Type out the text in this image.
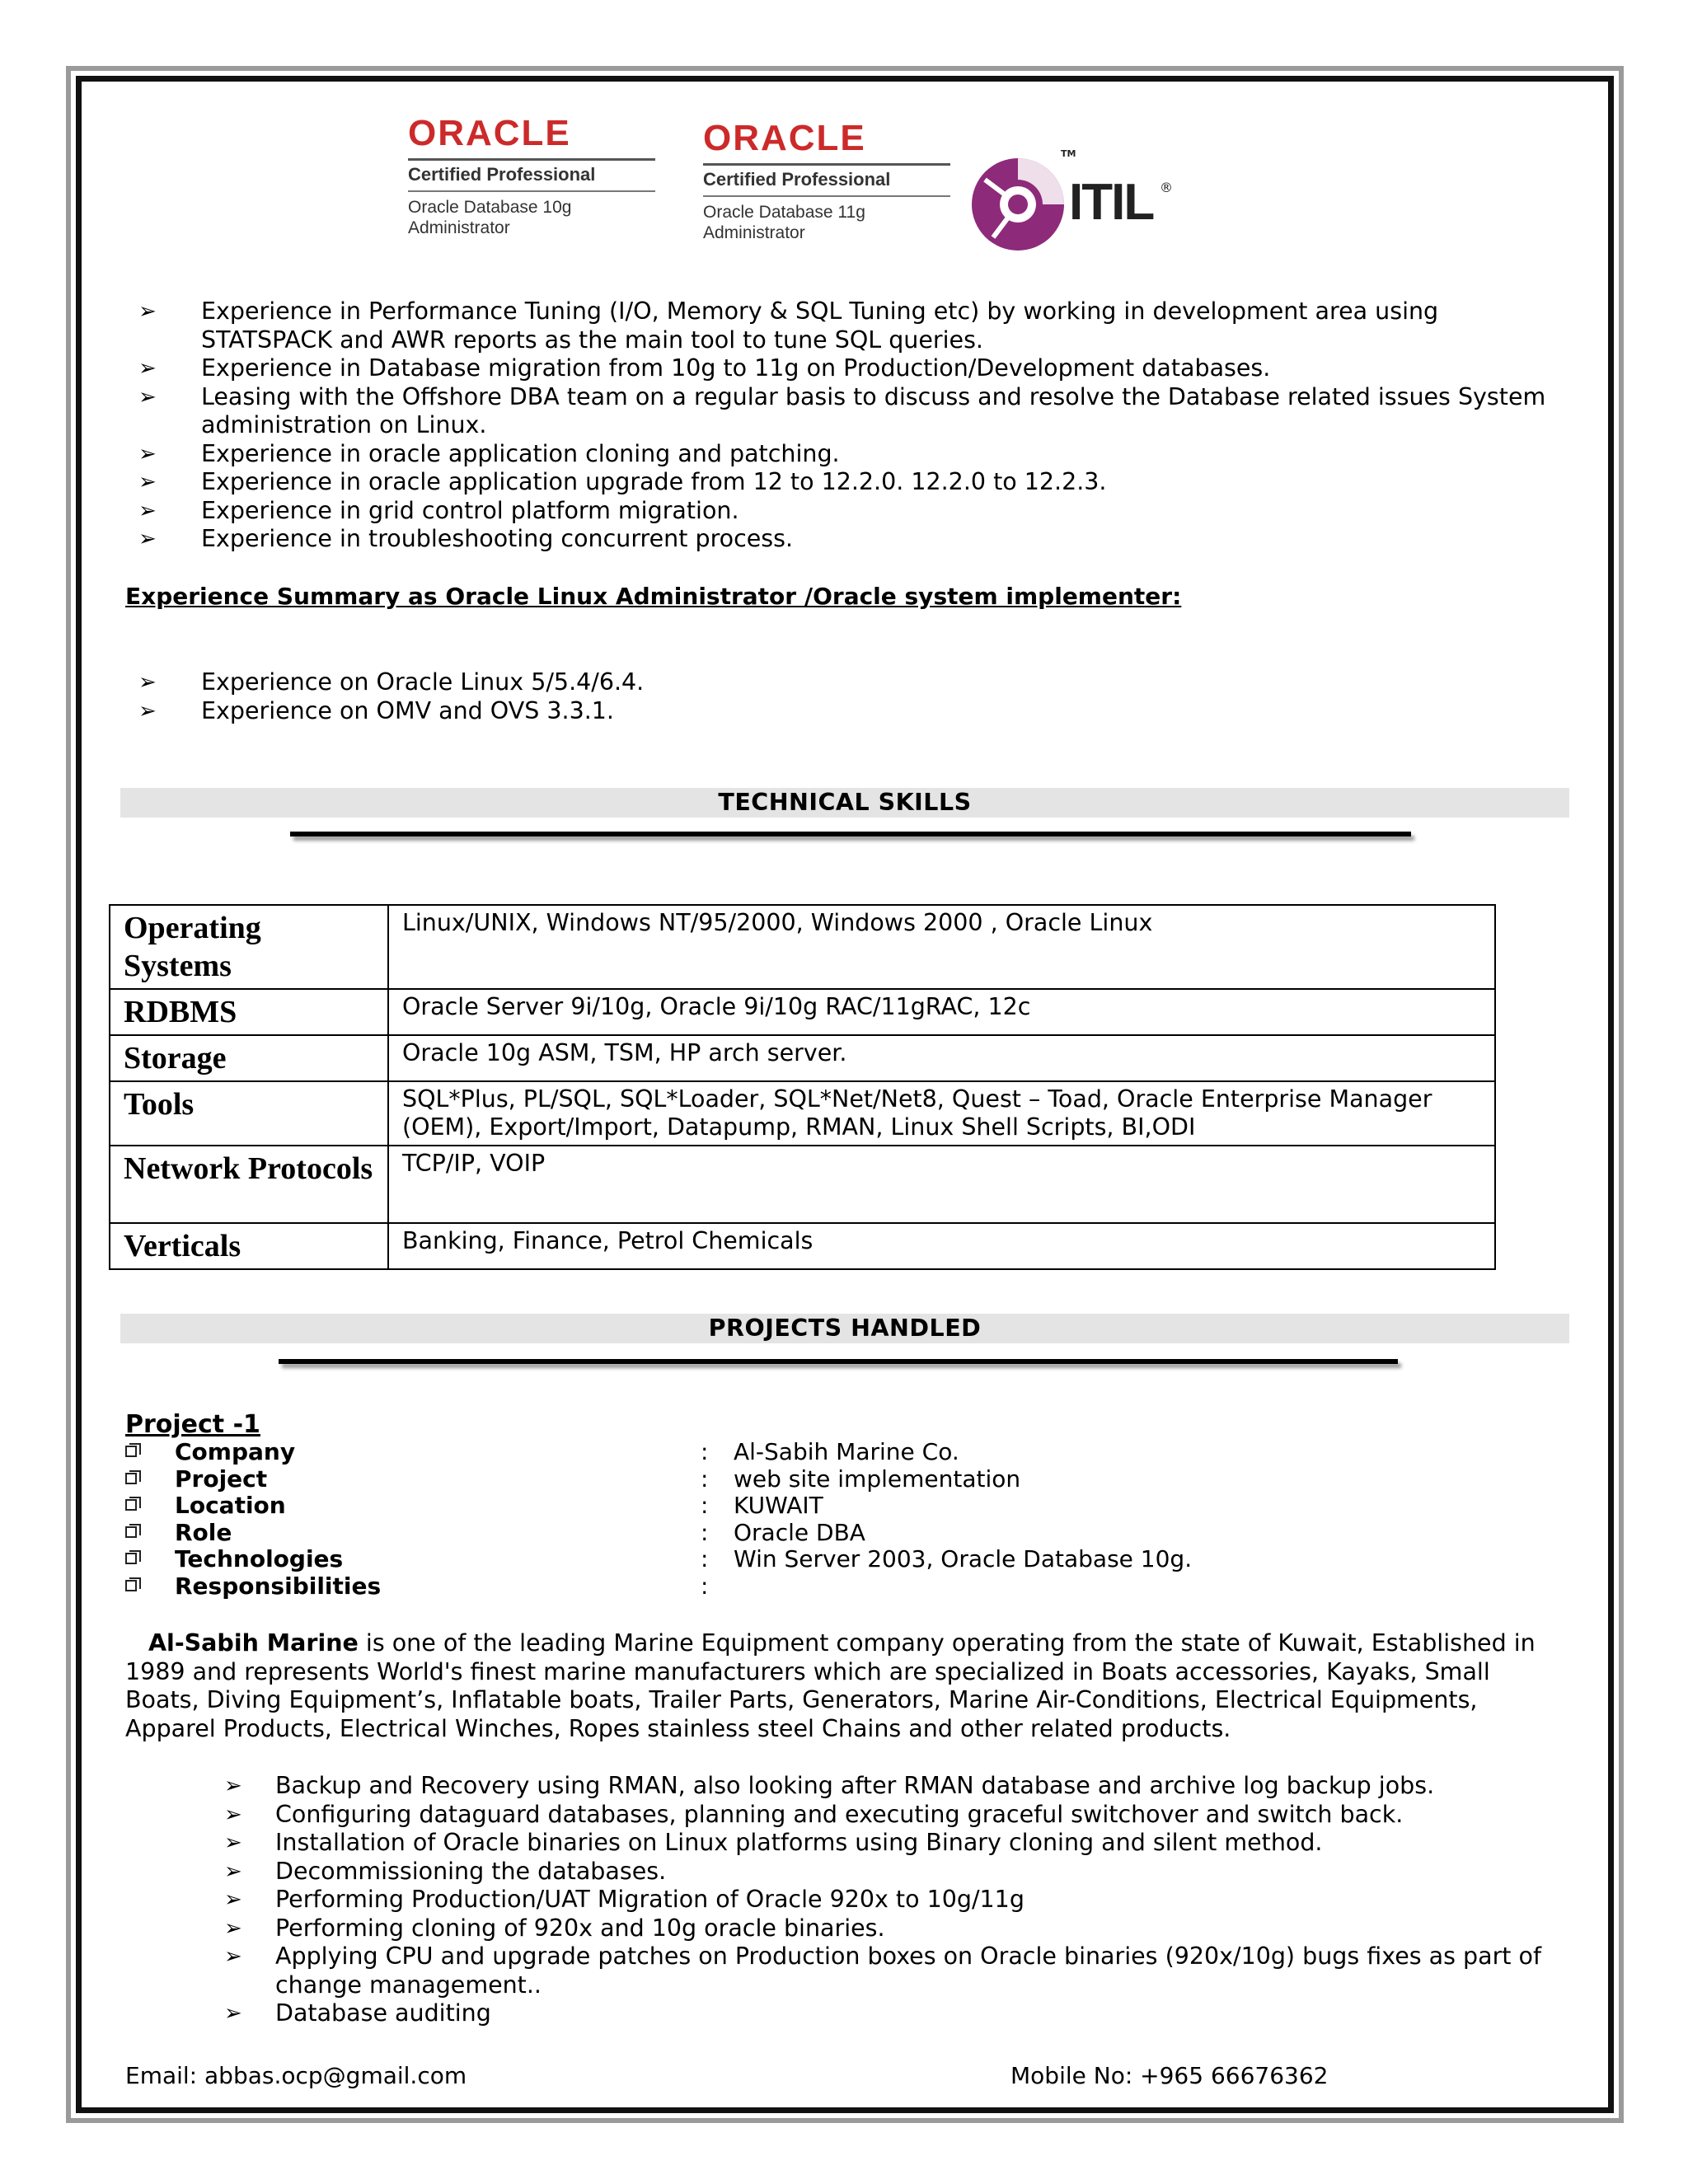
ORACLE
Certified Professional
Oracle Database 10g
Administrator
ORACLE
Certified Professional
Oracle Database 11g
Administrator
TM
ITIL ®
➢ Experience in Performance Tuning (I/O, Memory & SQL Tuning etc) by working in development area using STATSPACK and AWR reports as the main tool to tune SQL queries.
➢ Experience in Database migration from 10g to 11g on Production/Development databases.
➢ Leasing with the Offshore DBA team on a regular basis to discuss and resolve the Database related issues System administration on Linux.
➢ Experience in oracle application cloning and patching.
➢ Experience in oracle application upgrade from 12 to 12.2.0. 12.2.0 to 12.2.3.
➢ Experience in grid control platform migration.
➢ Experience in troubleshooting concurrent process.
Experience Summary as Oracle Linux Administrator /Oracle system implementer:
➢ Experience on Oracle Linux 5/5.4/6.4.
➢ Experience on OMV and OVS 3.3.1.
TECHNICAL SKILLS
Operating Systems	Linux/UNIX, Windows NT/95/2000, Windows 2000 , Oracle Linux
RDBMS	Oracle Server 9i/10g, Oracle 9i/10g RAC/11gRAC, 12c
Storage	Oracle 10g ASM, TSM, HP arch server.
Tools	SQL*Plus, PL/SQL, SQL*Loader, SQL*Net/Net8, Quest – Toad, Oracle Enterprise Manager (OEM), Export/Import, Datapump, RMAN, Linux Shell Scripts, BI,ODI
Network Protocols	TCP/IP, VOIP
Verticals	Banking, Finance, Petrol Chemicals
PROJECTS HANDLED
Project -1
Company	: Al-Sabih Marine Co.
Project	: web site implementation
Location	: KUWAIT
Role	: Oracle DBA
Technologies	: Win Server 2003, Oracle Database 10g.
Responsibilities	:
Al-Sabih Marine is one of the leading Marine Equipment company operating from the state of Kuwait, Established in 1989 and represents World's finest marine manufacturers which are specialized in Boats accessories, Kayaks, Small Boats, Diving Equipment’s, Inflatable boats, Trailer Parts, Generators, Marine Air-Conditions, Electrical Equipments, Apparel Products, Electrical Winches, Ropes stainless steel Chains and other related products.
➢ Backup and Recovery using RMAN, also looking after RMAN database and archive log backup jobs.
➢ Configuring dataguard databases, planning and executing graceful switchover and switch back.
➢ Installation of Oracle binaries on Linux platforms using Binary cloning and silent method.
➢ Decommissioning the databases.
➢ Performing Production/UAT Migration of Oracle 920x to 10g/11g
➢ Performing cloning of 920x and 10g oracle binaries.
➢ Applying CPU and upgrade patches on Production boxes on Oracle binaries (920x/10g) bugs fixes as part of change management..
➢ Database auditing
Email: abbas.ocp@gmail.com	Mobile No: +965 66676362
